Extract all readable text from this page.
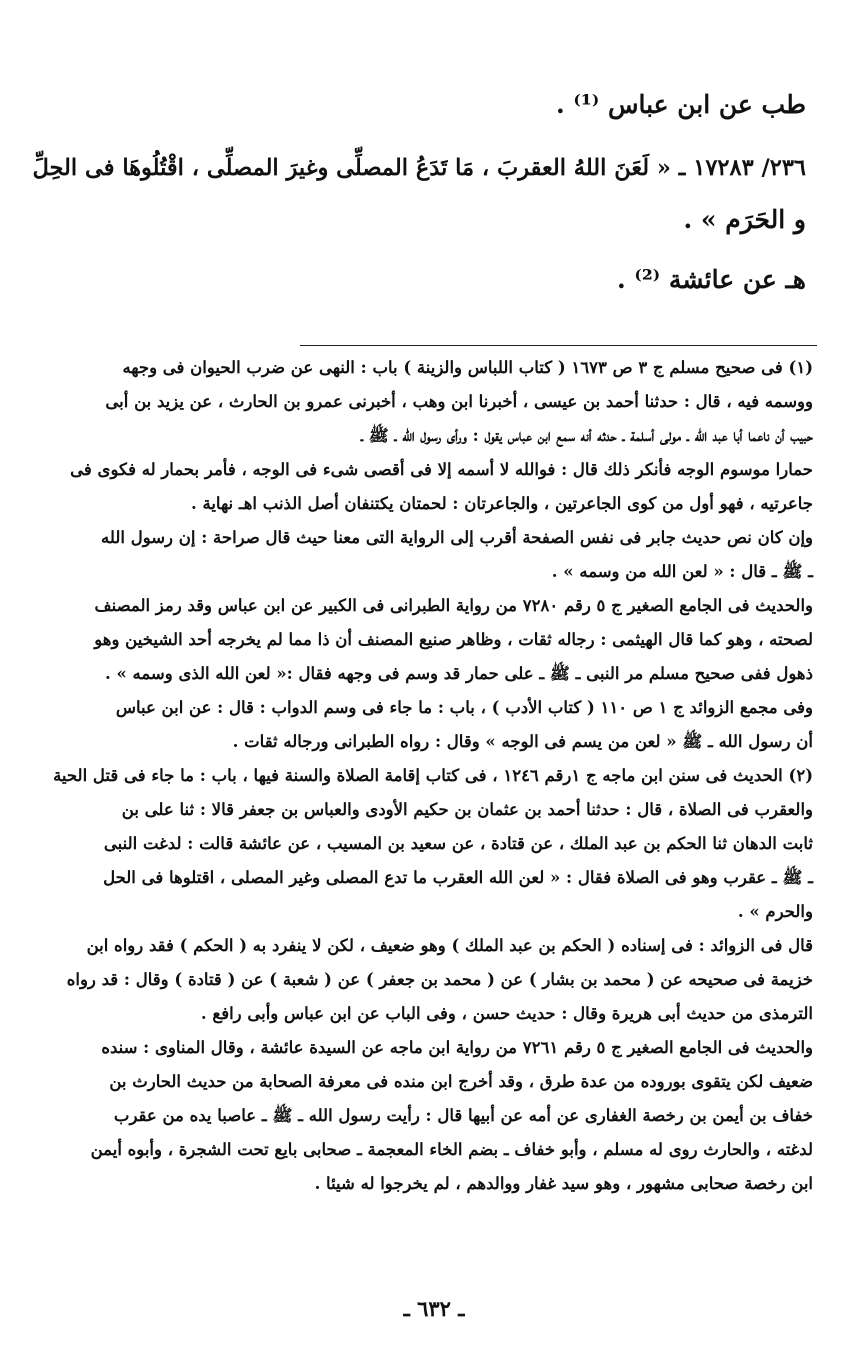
طب عن ابن عباس ⁽¹⁾ .
٢٣٦/ ١٧٢٨٣ ـ « لَعَنَ اللهُ العقربَ ، مَا تَدَعُ المصلِّى وغيرَ المصلِّى ، اقْتُلُوهَا فى الحِلِّ
و الحَرَم » .
هـ عن عائشة ⁽²⁾ .
(١) فى صحيح مسلم ج ٣ ص ١٦٧٣ ( كتاب اللباس والزينة ) باب : النهى عن ضرب الحيوان فى وجهه
ووسمه فيه ، قال : حدثنا أحمد بن عيسى ، أخبرنا ابن وهب ، أخبرنى عمرو بن الحارث ، عن يزيد بن أبى
حبيب أن ناعما أبا عبد الله ـ مولى أسلمة ـ حدثه أنه سمع ابن عباس يقول : ورأى رسول الله ـ ﷺ ـ
حمارا موسوم الوجه فأنكر ذلك قال : فوالله لا أسمه إلا فى أقصى شىء فى الوجه ، فأمر بحمار له فكوى فى
جاعرتيه ، فهو أول من كوى الجاعرتين ، والجاعرتان : لحمتان يكتنفان أصل الذنب اهـ نهاية .
وإن كان نص حديث جابر فى نفس الصفحة أقرب إلى الرواية التى معنا حيث قال صراحة : إن رسول الله
ـ ﷺ ـ قال : « لعن الله من وسمه » .
والحديث فى الجامع الصغير ج ٥ رقم ٧٢٨٠ من رواية الطبرانى فى الكبير عن ابن عباس وقد رمز المصنف
لصحته ، وهو كما قال الهيثمى : رجاله ثقات ، وظاهر صنيع المصنف أن ذا مما لم يخرجه أحد الشيخين وهو
ذهول ففى صحيح مسلم مر النبى ـ ﷺ ـ على حمار قد وسم فى وجهه فقال :« لعن الله الذى وسمه » .
وفى مجمع الزوائد ج ١ ص ١١٠ ( كتاب الأدب ) ، باب : ما جاء فى وسم الدواب : قال : عن ابن عباس
أن رسول الله ـ ﷺ « لعن من يسم فى الوجه » وقال : رواه الطبرانى ورجاله ثقات .
(٢) الحديث فى سنن ابن ماجه ج ١رقم ١٢٤٦ ، فى كتاب إقامة الصلاة والسنة فيها ، باب : ما جاء فى قتل الحية
والعقرب فى الصلاة ، قال : حدثنا أحمد بن عثمان بن حكيم الأودى والعباس بن جعفر قالا : ثنا على بن
ثابت الدهان ثنا الحكم بن عبد الملك ، عن قتادة ، عن سعيد بن المسيب ، عن عائشة قالت : لدغت النبى
ـ ﷺ ـ عقرب وهو فى الصلاة فقال : « لعن الله العقرب ما تدع المصلى وغير المصلى ، اقتلوها فى الحل
والحرم » .
قال فى الزوائد : فى إسناده ( الحكم بن عبد الملك ) وهو ضعيف ، لكن لا ينفرد به ( الحكم ) فقد رواه ابن
خزيمة فى صحيحه عن ( محمد بن بشار ) عن ( محمد بن جعفر ) عن ( شعبة ) عن ( قتادة ) وقال : قد رواه
الترمذى من حديث أبى هريرة وقال : حديث حسن ، وفى الباب عن ابن عباس وأبى رافع .
والحديث فى الجامع الصغير ج ٥ رقم ٧٢٦١ من رواية ابن ماجه عن السيدة عائشة ، وقال المناوى : سنده
ضعيف لكن يتقوى بوروده من عدة طرق ، وقد أخرج ابن منده فى معرفة الصحابة من حديث الحارث بن
خفاف بن أيمن بن رخصة الغفارى عن أمه عن أبيها قال : رأيت رسول الله ـ ﷺ ـ عاصبا يده من عقرب
لدغته ، والحارث روى له مسلم ، وأبو خفاف ـ بضم الخاء المعجمة ـ صحابى بايع تحت الشجرة ، وأبوه أيمن
ابن رخصة صحابى مشهور ، وهو سيد غفار ووالدهم ، لم يخرجوا له شيئا .
ـ ٦٣٢ ـ
